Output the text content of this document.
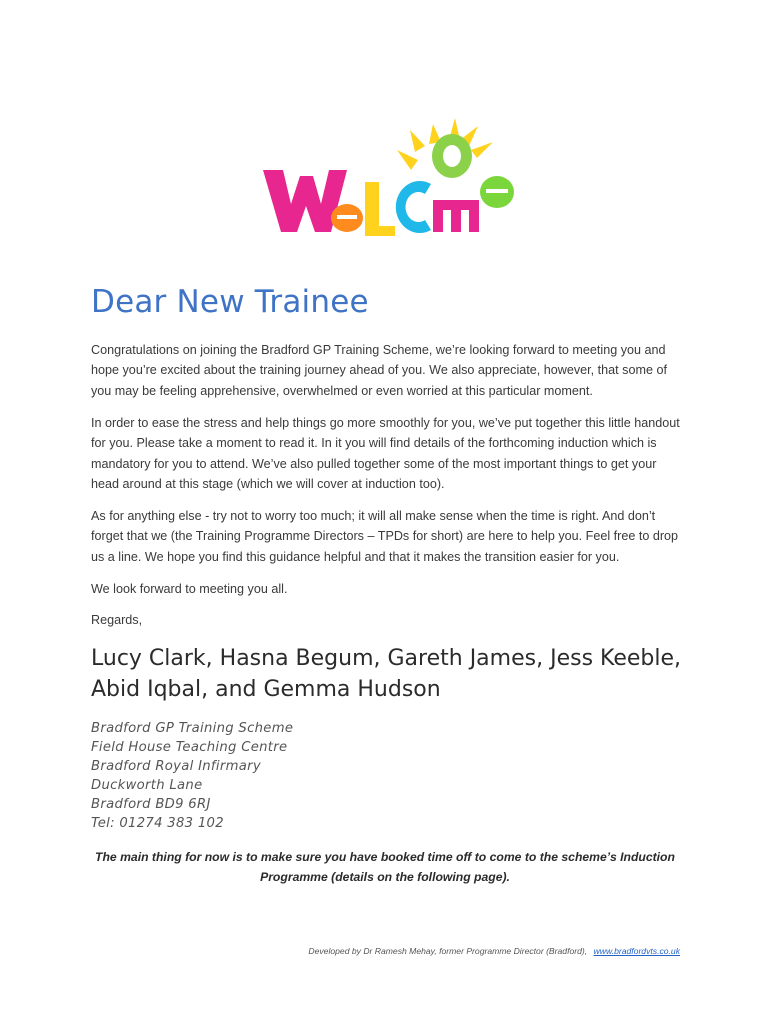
Dear New Trainee

Congratulations on joining the Bradford GP Training Scheme, we’re looking forward to meeting you and hope you’re excited about the training journey ahead of you. We also appreciate, however, that some of you may be feeling apprehensive, overwhelmed or even worried at this particular moment.

In order to ease the stress and help things go more smoothly for you, we’ve put together this little handout for you. Please take a moment to read it. In it you will find details of the forthcoming induction which is mandatory for you to attend. We’ve also pulled together some of the most important things to get your head around at this stage (which we will cover at induction too).

As for anything else - try not to worry too much; it will all make sense when the time is right. And don’t forget that we (the Training Programme Directors – TPDs for short) are here to help you. Feel free to drop us a line. We hope you find this guidance helpful and that it makes the transition easier for you.

We look forward to meeting you all.

Regards,

Lucy Clark, Hasna Begum, Gareth James, Jess Keeble, Abid Iqbal, and Gemma Hudson

Bradford GP Training Scheme
Field House Teaching Centre
Bradford Royal Infirmary
Duckworth Lane
Bradford BD9 6RJ
Tel: 01274 383 102

The main thing for now is to make sure you have booked time off to come to the scheme’s Induction Programme (details on the following page).

Developed by Dr Ramesh Mehay, former Programme Director (Bradford), www.bradfordvts.co.uk
